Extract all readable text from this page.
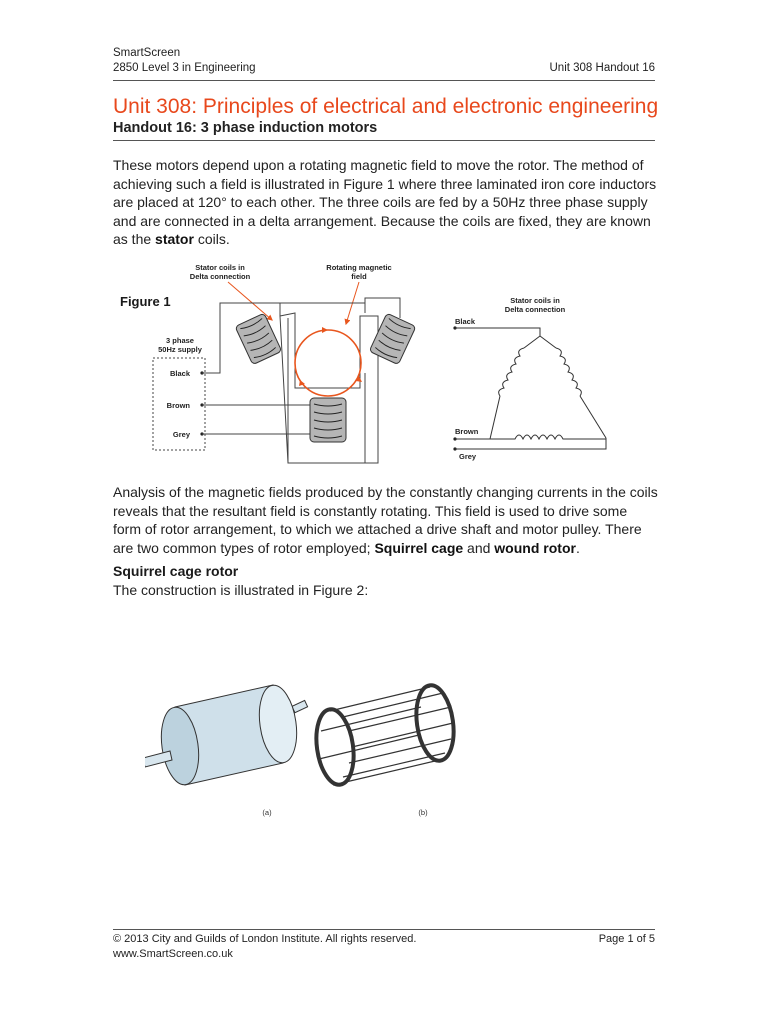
SmartScreen
2850 Level 3 in Engineering	Unit 308 Handout 16
Unit 308: Principles of electrical and electronic engineering
Handout 16: 3 phase induction motors
These motors depend upon a rotating magnetic field to move the rotor. The method of achieving such a field is illustrated in Figure 1 where three laminated iron core inductors are placed at 120° to each other. The three coils are fed by a 50Hz three phase supply and are connected in a delta arrangement. Because the coils are fixed, they are known as the stator coils.
Figure 1
Stator coils in
Delta connection
Rotating magnetic
field
3 phase
50Hz supply
Black
Brown
Grey
Stator coils in
Delta connection
Black
Brown
Grey
Analysis of the magnetic fields produced by the constantly changing currents in the coils reveals that the resultant field is constantly rotating. This field is used to drive some form of rotor arrangement, to which we attached a drive shaft and motor pulley. There are two common types of rotor employed; Squirrel cage and wound rotor.
Squirrel cage rotor
The construction is illustrated in Figure 2:
(a)	(b)
© 2013 City and Guilds of London Institute. All rights reserved.	Page 1 of 5
www.SmartScreen.co.uk
